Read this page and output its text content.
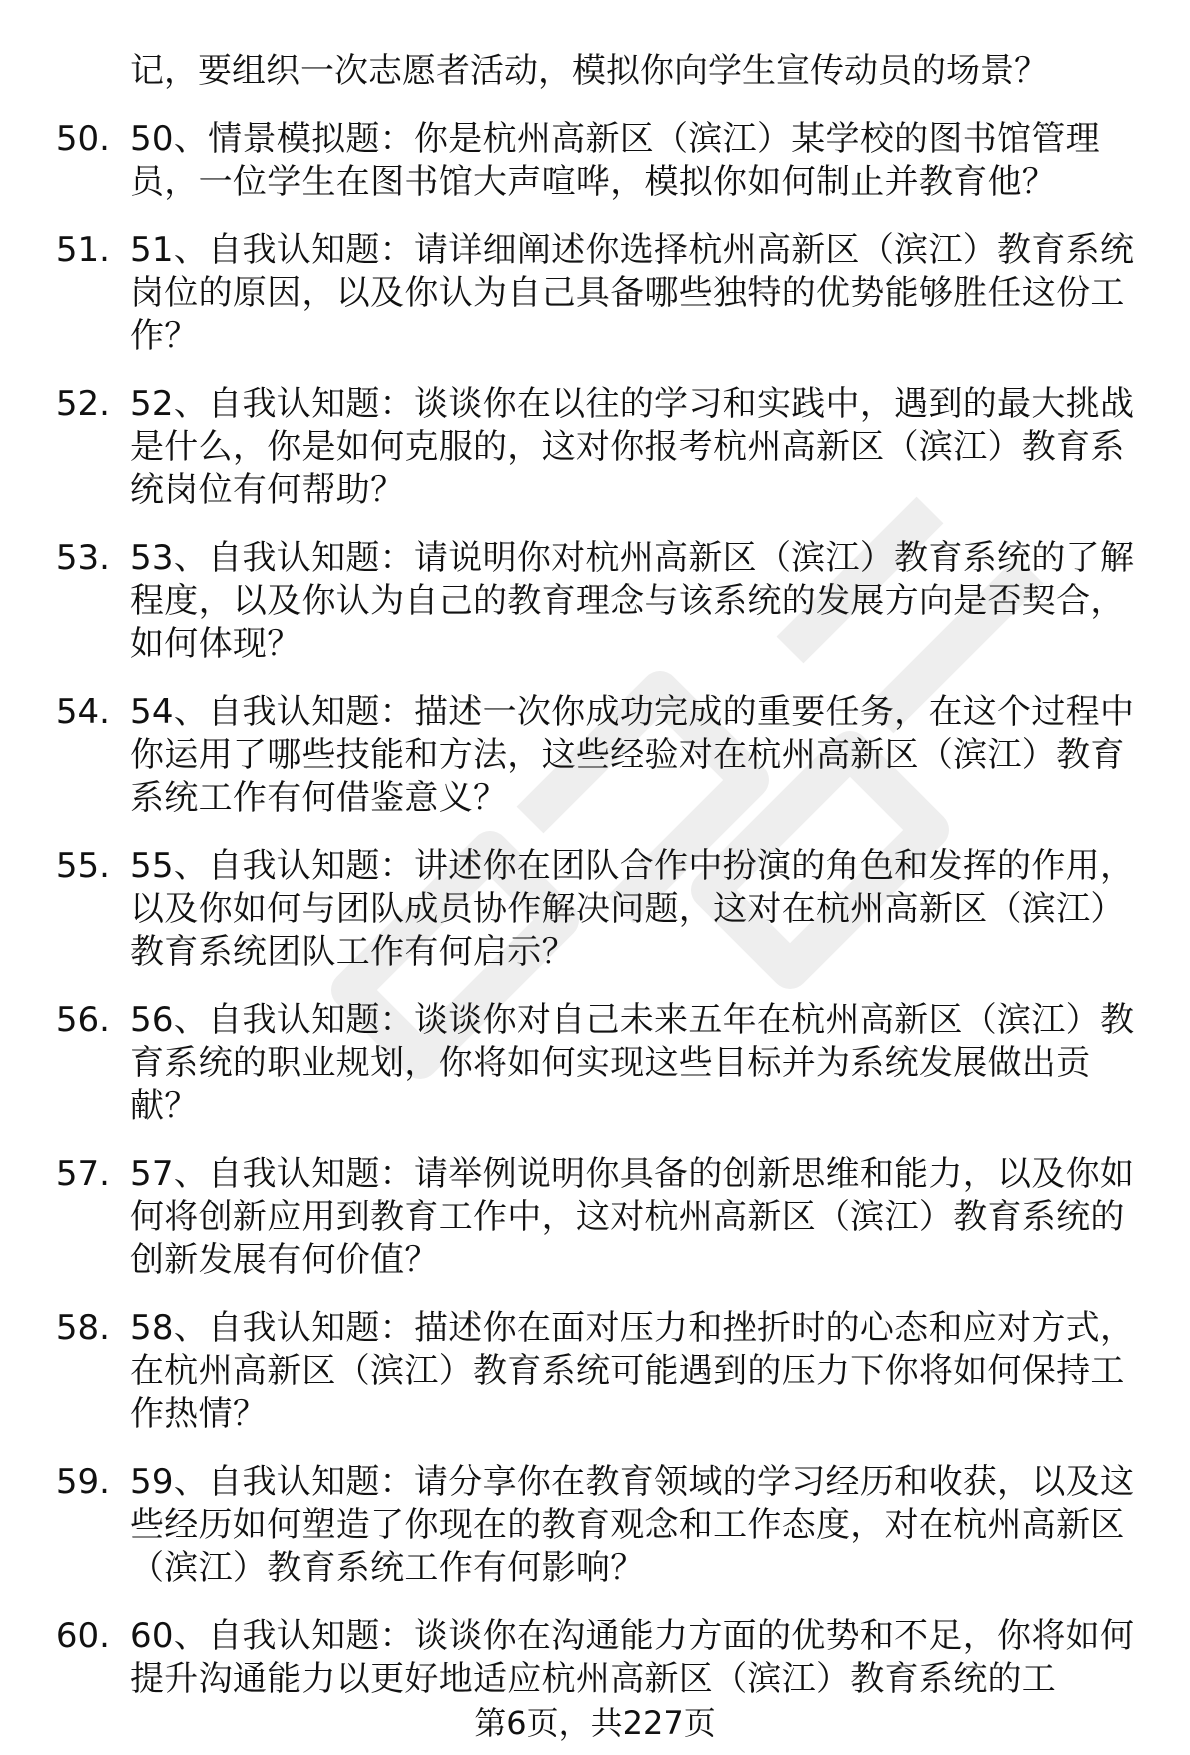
记，要组织一次志愿者活动，模拟你向学生宣传动员的场景？
50. 50、情景模拟题：你是杭州高新区（滨江）某学校的图书馆管理员，一位学生在图书馆大声喧哗，模拟你如何制止并教育他？
51. 51、自我认知题：请详细阐述你选择杭州高新区（滨江）教育系统岗位的原因，以及你认为自己具备哪些独特的优势能够胜任这份工作？
52. 52、自我认知题：谈谈你在以往的学习和实践中，遇到的最大挑战是什么，你是如何克服的，这对你报考杭州高新区（滨江）教育系统岗位有何帮助？
53. 53、自我认知题：请说明你对杭州高新区（滨江）教育系统的了解程度，以及你认为自己的教育理念与该系统的发展方向是否契合，如何体现？
54. 54、自我认知题：描述一次你成功完成的重要任务，在这个过程中你运用了哪些技能和方法，这些经验对在杭州高新区（滨江）教育系统工作有何借鉴意义？
55. 55、自我认知题：讲述你在团队合作中扮演的角色和发挥的作用，以及你如何与团队成员协作解决问题，这对在杭州高新区（滨江）教育系统团队工作有何启示？
56. 56、自我认知题：谈谈你对自己未来五年在杭州高新区（滨江）教育系统的职业规划，你将如何实现这些目标并为系统发展做出贡献？
57. 57、自我认知题：请举例说明你具备的创新思维和能力，以及你如何将创新应用到教育工作中，这对杭州高新区（滨江）教育系统的创新发展有何价值？
58. 58、自我认知题：描述你在面对压力和挫折时的心态和应对方式，在杭州高新区（滨江）教育系统可能遇到的压力下你将如何保持工作热情？
59. 59、自我认知题：请分享你在教育领域的学习经历和收获，以及这些经历如何塑造了你现在的教育观念和工作态度，对在杭州高新区（滨江）教育系统工作有何影响？
60. 60、自我认知题：谈谈你在沟通能力方面的优势和不足，你将如何提升沟通能力以更好地适应杭州高新区（滨江）教育系统的工
第6页，共227页
